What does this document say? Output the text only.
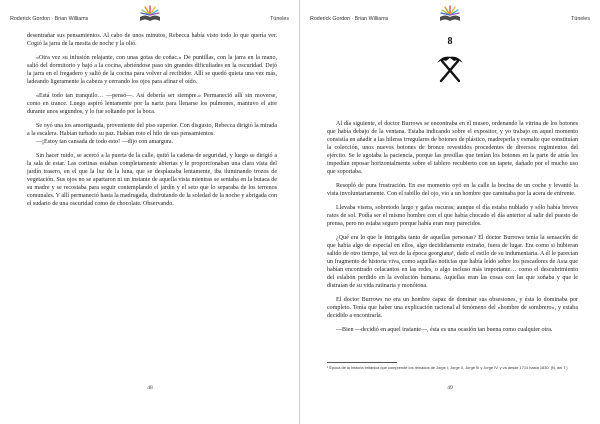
Roderick Gordon · Brian Williams	Túneles

desentrañar sus pensamientos. Al cabo de unos minutos, Rebecca había visto todo lo que quería ver. Cogió la jarra de la mesita de noche y la olió.

«Otra vez su infusión relajante, con unas gotas de coñac.» De puntillas, con la jarra en la mano, salió del dormitorio y bajó a la cocina, abriéndose paso sin grandes dificultades en la oscuridad. Dejó la jarra en el fregadero y salió de la cocina para volver al recibidor. Allí se quedó quieta una vez más, ladeando ligeramente la cabeza y cerrando los ojos para afinar el oído.

«Está todo tan tranquilo… —pensó—. Así debería ser siempre.» Permaneció allí sin moverse, como en trance. Luego aspiró lentamente por la nariz para llenarse los pulmones, mantuvo el aire durante unos segundos, y lo fue soltando por la boca.

Se oyó una tos amortiguada, proveniente del piso superior. Con disgusto, Rebecca dirigió la mirada a la escalera. Habían turbado su paz. Habían roto el hilo de sus pensamientos.

—¡Estoy tan cansada de todo esto! —dijo con amargura.

Sin hacer ruido, se acercó a la puerta de la calle, quitó la cadena de seguridad, y luego se dirigió a la sala de estar. Las cortinas estaban completamente abiertas y le proporcionaban una clara vista del jardín trasero, en el que la luz de la luna, que se desplazaba lentamente, iba iluminando trozos de vegetación. Sus ojos no se apartaron ni un instante de aquella vista mientras se sentaba en la butaca de su madre y se recostaba para seguir contemplando el jardín y el seto que lo separaba de los terrenos comunales. Y allí permaneció hasta la madrugada, disfrutando de la soledad de la noche y abrigada con el sudario de una oscuridad como de chocolate. Observando.

48
Roderick Gordon · Brian Williams	Túneles
8

Al día siguiente, el doctor Burrows se encontraba en el museo, ordenando la vitrina de los botones que había debajo de la ventana. Estaba indicando sobre el expositor, y yo trabajo en aquel momento consistía en añadir a las hileras irregulares de botones de plástico, madreperla y esmalte que constituían la colección, unos nuevos botones de bronce revestidos procedentes de diversos regimientos del ejército. Se le agotaba la paciencia, porque las presillas que tenían los botones en la parte de atrás les impedían reposar horizontalmente sobre el tablero recubierto con un tapete, dañado por el mucho uso que soportaba.

Resopló de pura frustración. En ese momento oyó en la calle la bocina de un coche y levantó la vista involuntariamente. Con el rabillo del ojo, vio a un hombre que caminaba por la acera de enfrente.

Llevaba visera, sobretodo largo y gafas oscuras; aunque el día estaba nublado y sólo había breves ratos de sol. Podía ser el mismo hombre con el que había chocado el día anterior al salir del puesto de prensa, pero no estaba seguro porque había eran muy parecidos.

¿Qué era lo que le intrigaba tanto de aquellas personas? El doctor Burrows tenía la sensación de que había algo de especial en ellos, algo decididamente extraño, fuera de lugar. Era como si hubieran salido de otro tiempo, tal vez de la época georgiana¹, dado el estilo de su indumentaria. A él le parecían un fragmento de historia viva, como aquellas noticias que había leído sobre los pescadores de Asia que habían encontrado celacantos en las redes, o algo incluso más importante… como el descubrimiento del eslabón perdido en la evolución humana. Aquellas eran las cosas con las que soñaba y que le distraían de su vida rutinaria y monótona.

El doctor Burrows no era un hombre capaz de dominar sus obsesiones, y ésta lo dominaba por completo. Tenía que haber una explicación racional al fenómeno del «hombre de sombrero», y estaba decidido a encontrarla.

—Bien —decidió en aquel instante—, ésta es una ocasión tan buena como cualquier otra.

¹ Época de la historia británica que comprende los reinados de Jorge I, Jorge II, Jorge III y Jorge IV, y va desde 1714 hasta 1830. (N. del T.)
49
